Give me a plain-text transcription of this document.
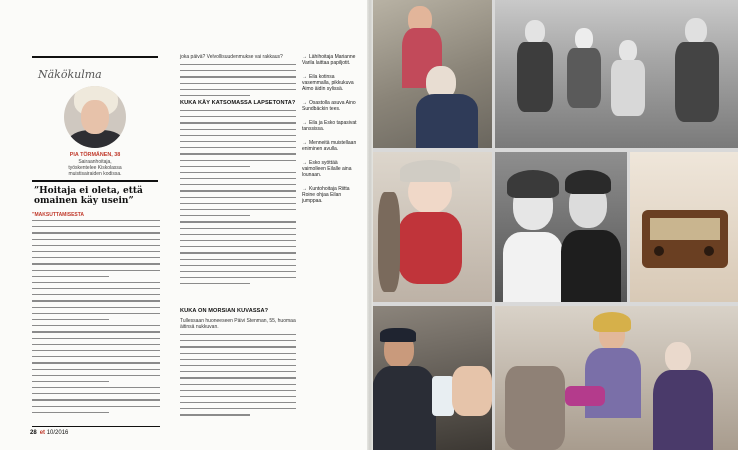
Näkökulma
PIA TÖRMÄNEN, 38
Sairaanhoitaja,
työskentelee Kiskolassa
muistisairaiden kodissa.
”Hoitaja ei oleta, että omainen käy usein”
”MAKSUTTAMISESTA
28 et 10/2016
joka päivä? Velvollisuudenmukse vai rakkaus?
KUKA KÄY KATSOMASSA LAPSETONTA?
KUKA ON MORSIAN KUVASSA?
Tullessaan huoneeseen Päivi Stenman, 55, huomaa äitinsä nukkuvan.
→ Lähihoitaja Marianne Varila laittaa papiljotit.
→ Eila kotinsa vasemmalla, pikkukuva Aimo äidin sylissä.
→ Osastolla asuva Aino Sundbäckin tees.
→ Eila ja Esko tapasivat tanssissa.
→ Menneitä muistellaan eniminen avulla.
→ Esko syöttää vaimolleen Eilalle aina lounaan.
→ Kuntohoitaja Riitta Roine ohjaa Eilan jumppaa.
